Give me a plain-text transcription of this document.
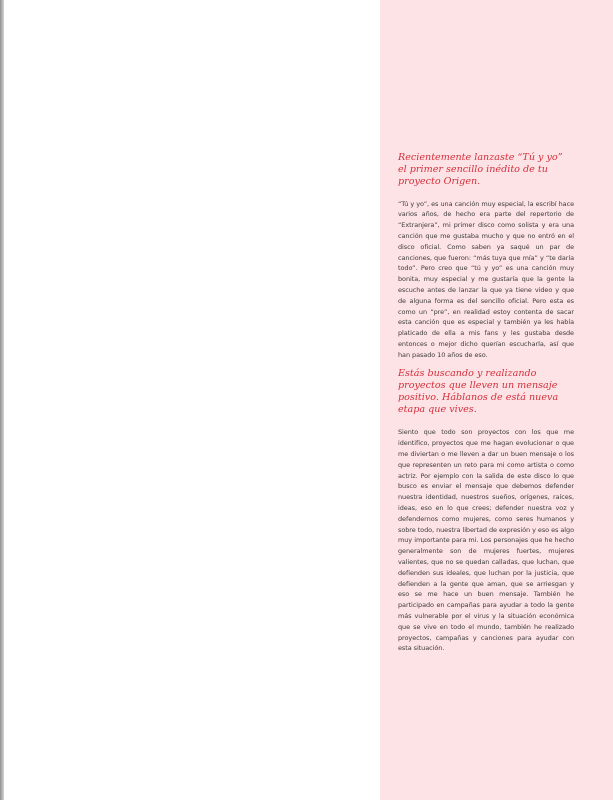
Recientemente lanzaste “Tú y yo” el primer sencillo inédito de tu proyecto Origen.

“Tú y yo”, es una canción muy especial, la escribí hace varios años, de hecho era parte del repertorio de “Extranjera”, mi primer disco como solista y era una canción que me gustaba mucho y que no entró en el disco oficial. Como saben ya saqué un par de canciones, que fueron: “más tuya que mía” y “te daría todo”. Pero creo que “tú y yo” es una canción muy bonita, muy especial y me gustaría que la gente la escuche antes de lanzar la que ya tiene video y que de alguna forma es del sencillo oficial. Pero esta es como un “pre”, en realidad estoy contenta de sacar esta canción que es especial y también ya les había platicado de ella a mis fans y les gustaba desde entonces o mejor dicho querían escucharla, así que han pasado 10 años de eso.

Estás buscando y realizando proyectos que lleven un mensaje positivo. Háblanos de está nueva etapa que vives.

Siento que todo son proyectos con los que me identifico, proyectos que me hagan evolucionar o que me diviertan o me lleven a dar un buen mensaje o los que representen un reto para mi como artista o como actriz. Por ejemplo con la salida de este disco lo que busco es enviar el mensaje que debemos defender nuestra identidad, nuestros sueños, orígenes, raíces, ideas, eso en lo que crees; defender nuestra voz y defendernos como mujeres, como seres humanos y sobre todo, nuestra libertad de expresión y eso es algo muy importante para mi. Los personajes que he hecho generalmente son de mujeres fuertes, mujeres valientes, que no se quedan calladas, que luchan, que defienden sus ideales, que luchan por la justicia, que defienden a la gente que aman, que se arriesgan y eso se me hace un buen mensaje. También he participado en campañas para ayudar a todo la gente más vulnerable por el virus y la situación económica que se vive en todo el mundo, también he realizado proyectos, campañas y canciones para ayudar con esta situación.
